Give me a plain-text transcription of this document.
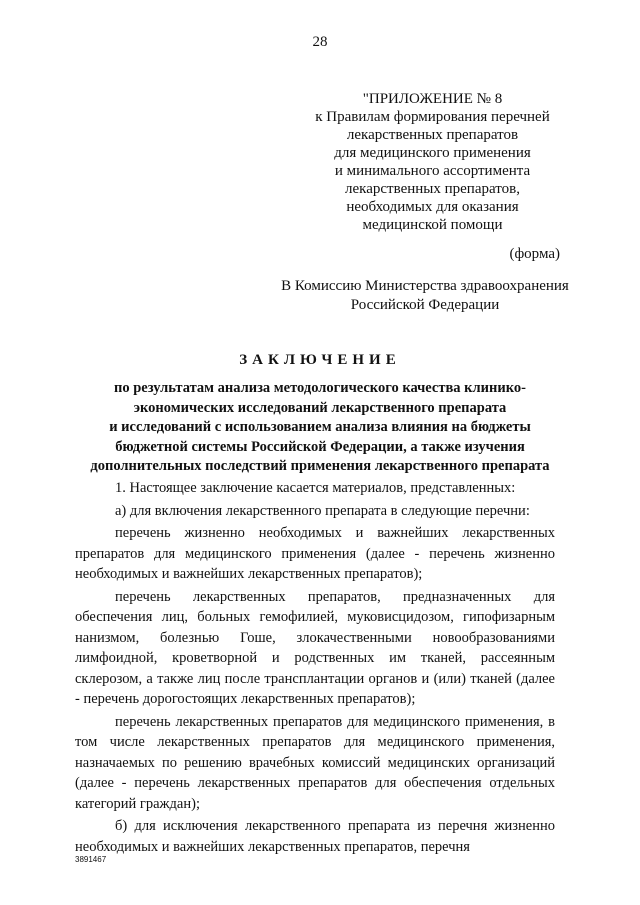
28
"ПРИЛОЖЕНИЕ № 8
к Правилам формирования перечней
лекарственных препаратов
для медицинского применения
и минимального ассортимента
лекарственных препаратов,
необходимых для оказания
медицинской помощи
(форма)
В Комиссию Министерства здравоохранения
Российской Федерации
ЗАКЛЮЧЕНИЕ
по результатам анализа методологического качества клинико-
экономических исследований лекарственного препарата
и исследований с использованием анализа влияния на бюджеты
бюджетной системы Российской Федерации, а также изучения
дополнительных последствий применения лекарственного препарата

1. Настоящее заключение касается материалов, представленных:

а) для включения лекарственного препарата в следующие перечни:

перечень жизненно необходимых и важнейших лекарственных препаратов для медицинского применения (далее - перечень жизненно необходимых и важнейших лекарственных препаратов);

перечень лекарственных препаратов, предназначенных для обеспечения лиц, больных гемофилией, муковисцидозом, гипофизарным нанизмом, болезнью Гоше, злокачественными новообразованиями лимфоидной, кроветворной и родственных им тканей, рассеянным склерозом, а также лиц после трансплантации органов и (или) тканей (далее - перечень дорогостоящих лекарственных препаратов);

перечень лекарственных препаратов для медицинского применения, в том числе лекарственных препаратов для медицинского применения, назначаемых по решению врачебных комиссий медицинских организаций (далее - перечень лекарственных препаратов для обеспечения отдельных категорий граждан);

б) для исключения лекарственного препарата из перечня жизненно необходимых и важнейших лекарственных препаратов, перечня

3891467
